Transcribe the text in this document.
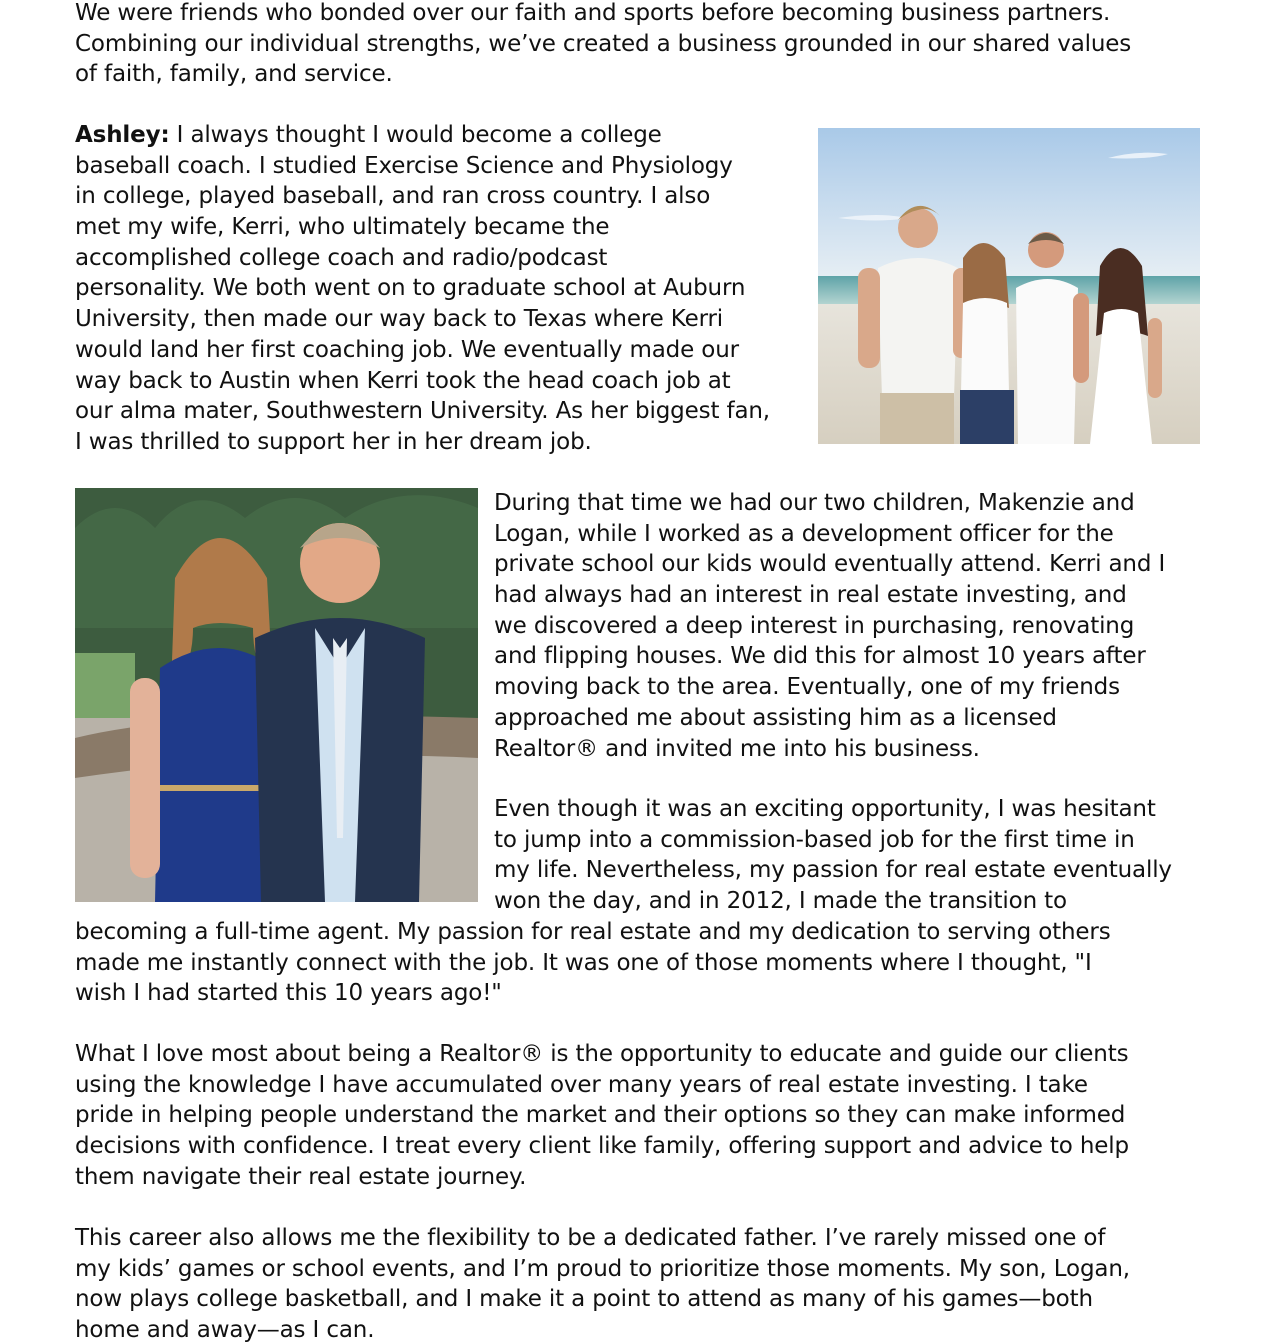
We were friends who bonded over our faith and sports before becoming business partners.
Combining our individual strengths, we’ve created a business grounded in our shared values
of faith, family, and service.
Ashley: I always thought I would become a college
baseball coach. I studied Exercise Science and Physiology
in college, played baseball, and ran cross country. I also
met my wife, Kerri, who ultimately became the
accomplished college coach and radio/podcast
personality. We both went on to graduate school at Auburn
University, then made our way back to Texas where Kerri
would land her first coaching job. We eventually made our
way back to Austin when Kerri took the head coach job at
our alma mater, Southwestern University. As her biggest fan,
I was thrilled to support her in her dream job.
During that time we had our two children, Makenzie and
Logan, while I worked as a development officer for the
private school our kids would eventually attend. Kerri and I
had always had an interest in real estate investing, and
we discovered a deep interest in purchasing, renovating
and flipping houses. We did this for almost 10 years after
moving back to the area. Eventually, one of my friends
approached me about assisting him as a licensed
Realtor® and invited me into his business.
Even though it was an exciting opportunity, I was hesitant
to jump into a commission-based job for the first time in
my life. Nevertheless, my passion for real estate eventually
won the day, and in 2012, I made the transition to
becoming a full-time agent. My passion for real estate and my dedication to serving others
made me instantly connect with the job. It was one of those moments where I thought, "I
wish I had started this 10 years ago!"
What I love most about being a Realtor® is the opportunity to educate and guide our clients
using the knowledge I have accumulated over many years of real estate investing. I take
pride in helping people understand the market and their options so they can make informed
decisions with confidence. I treat every client like family, offering support and advice to help
them navigate their real estate journey.
This career also allows me the flexibility to be a dedicated father. I’ve rarely missed one of
my kids’ games or school events, and I’m proud to prioritize those moments. My son, Logan,
now plays college basketball, and I make it a point to attend as many of his games—both
home and away—as I can.
